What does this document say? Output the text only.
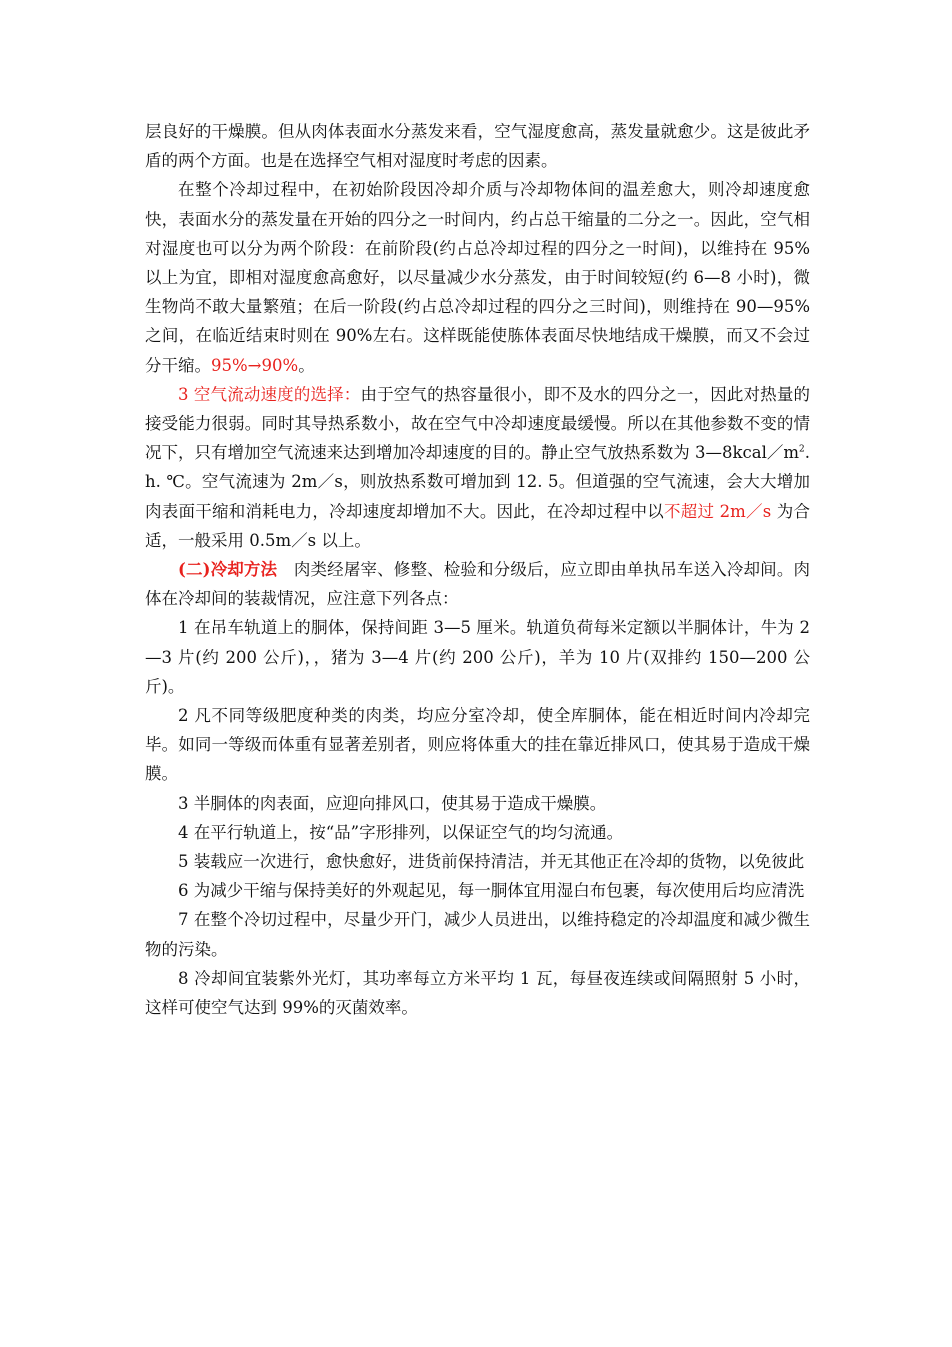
层良好的干燥膜。但从肉体表面水分蒸发来看，空气湿度愈高，蒸发量就愈少。这是彼此矛盾的两个方面。也是在选择空气相对湿度时考虑的因素。

在整个冷却过程中，在初始阶段因冷却介质与冷却物体间的温差愈大，则冷却速度愈快，表面水分的蒸发量在开始的四分之一时间内，约占总干缩量的二分之一。因此，空气相对湿度也可以分为两个阶段：在前阶段(约占总冷却过程的四分之一时间)，以维持在 95%以上为宜，即相对湿度愈高愈好，以尽量减少水分蒸发，由于时间较短(约 6—8 小时)，微生物尚不敢大量繁殖；在后一阶段(约占总冷却过程的四分之三时间)，则维持在 90—95%之间，在临近结束时则在 90%左右。这样既能使胨体表面尽快地结成干燥膜，而又不会过分干缩。95%→90%。

3 空气流动速度的选择：由于空气的热容量很小，即不及水的四分之一，因此对热量的接受能力很弱。同时其导热系数小，故在空气中冷却速度最缓慢。所以在其他参数不变的情况下，只有增加空气流速来达到增加冷却速度的目的。静止空气放热系数为 $3—8kcal/m^2$. h. ℃。空气流速为 2m／s，则放热系数可增加到 12. 5。但道强的空气流速，会大大增加肉表面干缩和消耗电力，冷却速度却增加不大。因此，在冷却过程中以不超过 2m／s 为合适，一般采用 0.5m／s 以上。

(二)冷却方法　肉类经屠宰、修整、检验和分级后，应立即由单执吊车送入冷却间。肉体在冷却间的装裁情况，应注意下列各点：

1 在吊车轨道上的胴体，保持间距 3—5 厘米。轨道负荷每米定额以半胴体计，牛为 2—3 片(约 200 公斤)，，猪为 3—4 片(约 200 公斤)，羊为 10 片(双排约 150—200 公斤)。

2 凡不同等级肥度种类的肉类，均应分室冷却，使全库胴体，能在相近时间内冷却完毕。如同一等级而体重有显著差别者，则应将体重大的挂在靠近排风口，使其易于造成干燥膜。

3 半胴体的肉表面，应迎向排风口，使其易于造成干燥膜。

4 在平行轨道上，按“品”字形排列，以保证空气的均匀流通。

5 装载应一次进行，愈快愈好，进货前保持清洁，并无其他正在冷却的货物，以免彼此

6 为减少干缩与保持美好的外观起见，每一胴体宜用湿白布包裹，每次使用后均应清洗

7 在整个冷切过程中，尽量少开门，减少人员进出，以维持稳定的冷却温度和减少微生物的污染。

8 冷却间宜装紫外光灯，其功率每立方米平均 1 瓦，每昼夜连续或间隔照射 5 小时，这样可使空气达到 99%的灭菌效率。
